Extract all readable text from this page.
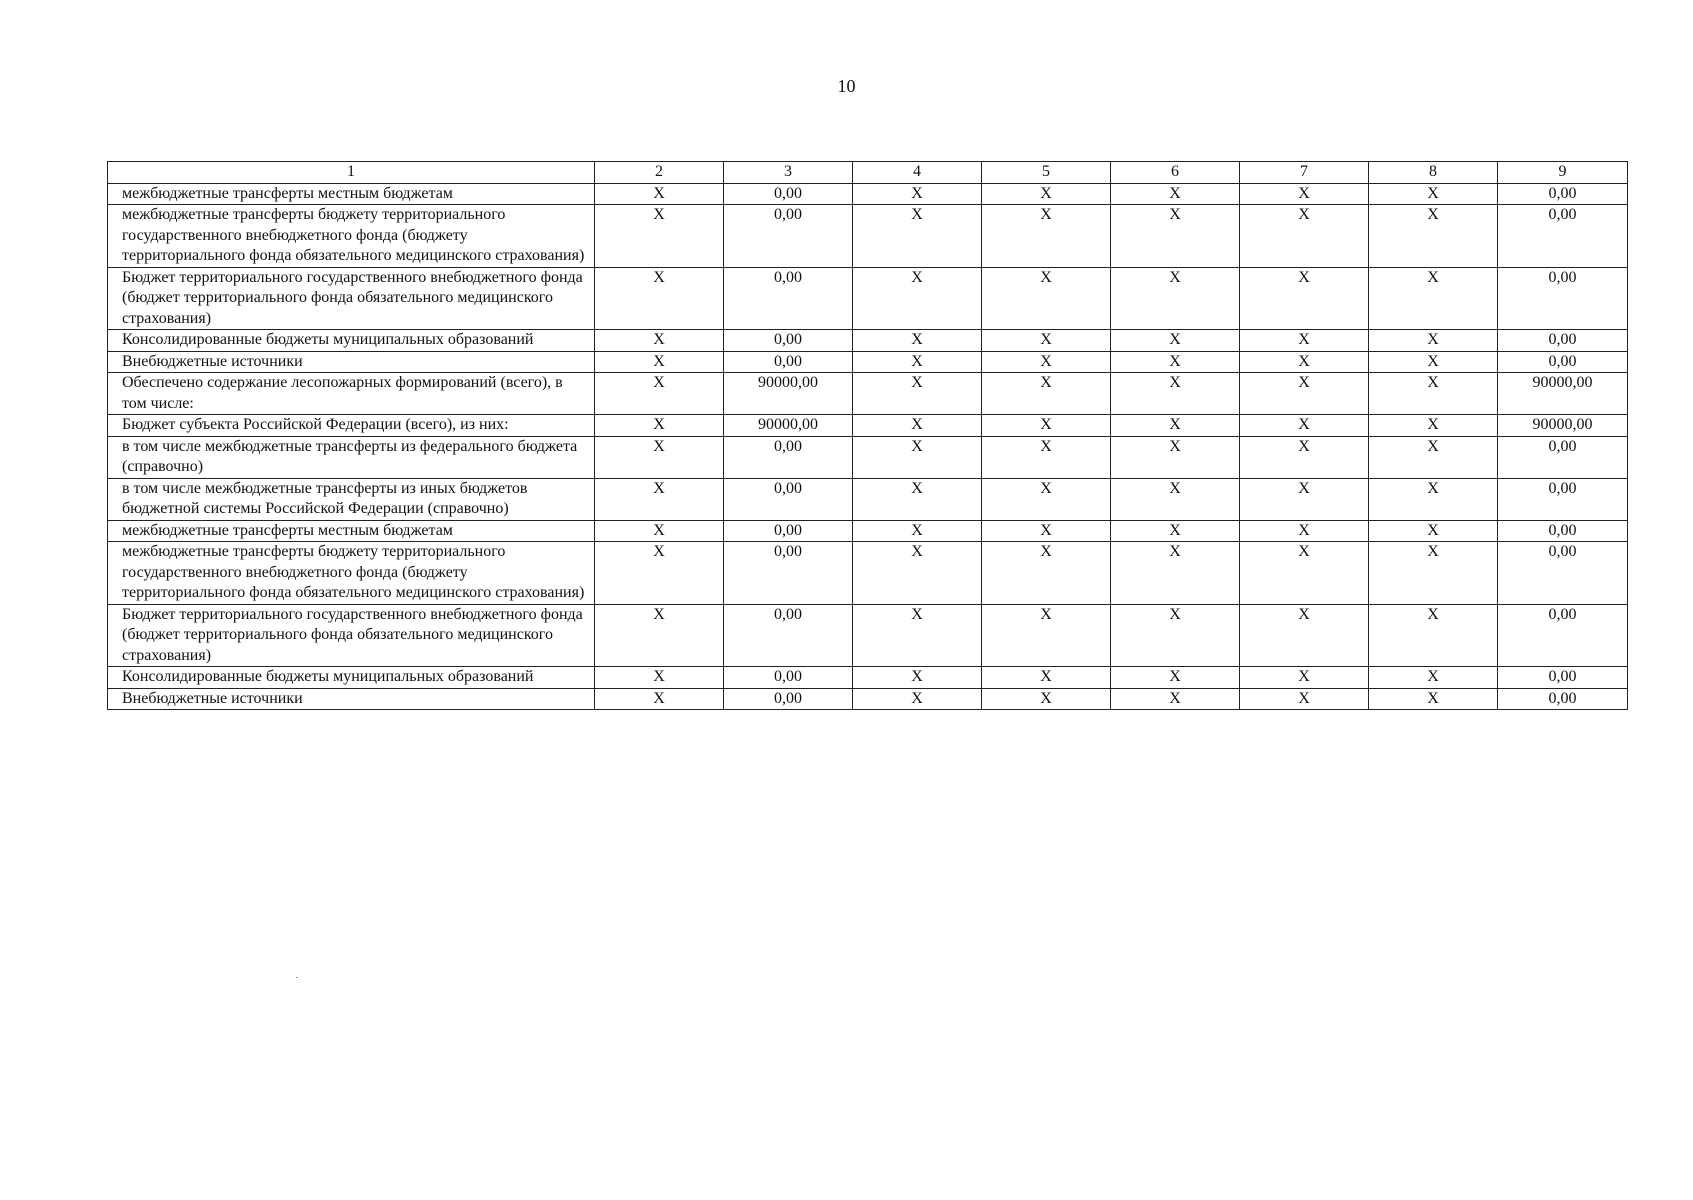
10
1	2	3	4	5	6	7	8	9
межбюджетные трансферты местным бюджетам	X	0,00	X	X	X	X	X	0,00
межбюджетные трансферты бюджету территориального государственного внебюджетного фонда (бюджету территориального фонда обязательного медицинского страхования)	X	0,00	X	X	X	X	X	0,00
Бюджет территориального государственного внебюджетного фонда (бюджет территориального фонда обязательного медицинского страхования)	X	0,00	X	X	X	X	X	0,00
Консолидированные бюджеты муниципальных образований	X	0,00	X	X	X	X	X	0,00
Внебюджетные источники	X	0,00	X	X	X	X	X	0,00
Обеспечено содержание лесопожарных формирований (всего), в том числе:	X	90000,00	X	X	X	X	X	90000,00
Бюджет субъекта Российской Федерации (всего), из них:	X	90000,00	X	X	X	X	X	90000,00
в том числе межбюджетные трансферты из федерального бюджета (справочно)	X	0,00	X	X	X	X	X	0,00
в том числе межбюджетные трансферты из иных бюджетов бюджетной системы Российской Федерации (справочно)	X	0,00	X	X	X	X	X	0,00
межбюджетные трансферты местным бюджетам	X	0,00	X	X	X	X	X	0,00
межбюджетные трансферты бюджету территориального государственного внебюджетного фонда (бюджету территориального фонда обязательного медицинского страхования)	X	0,00	X	X	X	X	X	0,00
Бюджет территориального государственного внебюджетного фонда (бюджет территориального фонда обязательного медицинского страхования)	X	0,00	X	X	X	X	X	0,00
Консолидированные бюджеты муниципальных образований	X	0,00	X	X	X	X	X	0,00
Внебюджетные источники	X	0,00	X	X	X	X	X	0,00
